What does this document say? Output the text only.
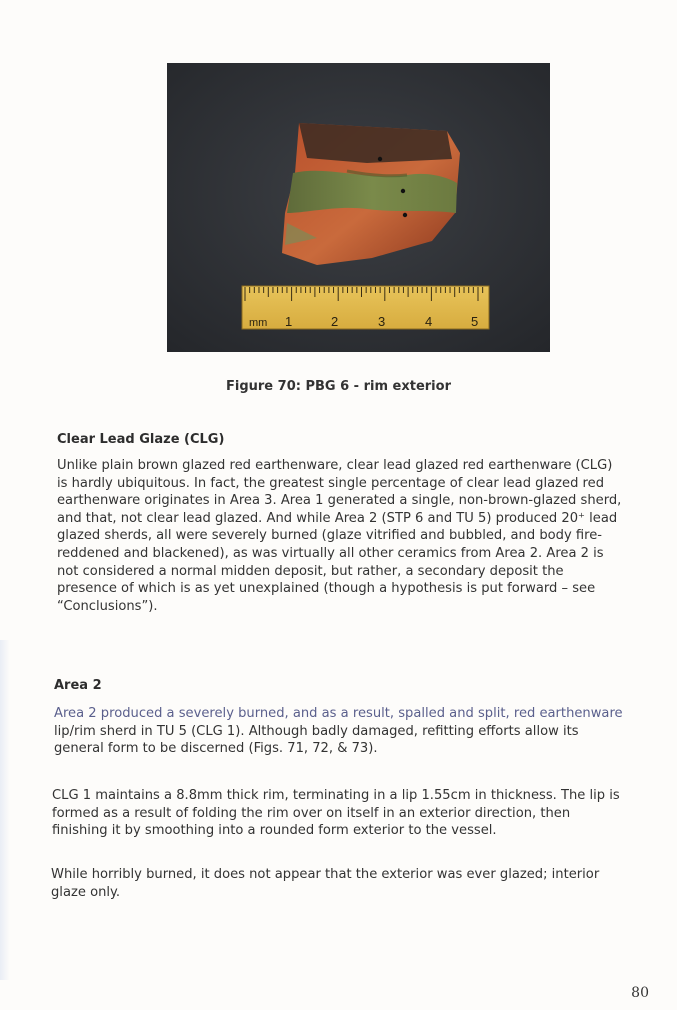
mm 1	2	3	4	5
Figure 70: PBG 6 - rim exterior
Clear Lead Glaze (CLG)

Unlike plain brown glazed red earthenware, clear lead glazed red earthenware (CLG)
is hardly ubiquitous. In fact, the greatest single percentage of clear lead glazed red
earthenware originates in Area 3. Area 1 generated a single, non-brown-glazed sherd,
and that, not clear lead glazed. And while Area 2 (STP 6 and TU 5) produced 20⁺ lead
glazed sherds, all were severely burned (glaze vitrified and bubbled, and body fire-
reddened and blackened), as was virtually all other ceramics from Area 2. Area 2 is
not considered a normal midden deposit, but rather, a secondary deposit the
presence of which is as yet unexplained (though a hypothesis is put forward – see
“Conclusions”).

Area 2

Area 2 produced a severely burned, and as a result, spalled and split, red earthenware
lip/rim sherd in TU 5 (CLG 1). Although badly damaged, refitting efforts allow its
general form to be discerned (Figs. 71, 72, & 73).

CLG 1 maintains a 8.8mm thick rim, terminating in a lip 1.55cm in thickness. The lip is
formed as a result of folding the rim over on itself in an exterior direction, then
finishing it by smoothing into a rounded form exterior to the vessel.

While horribly burned, it does not appear that the exterior was ever glazed; interior
glaze only.

80
